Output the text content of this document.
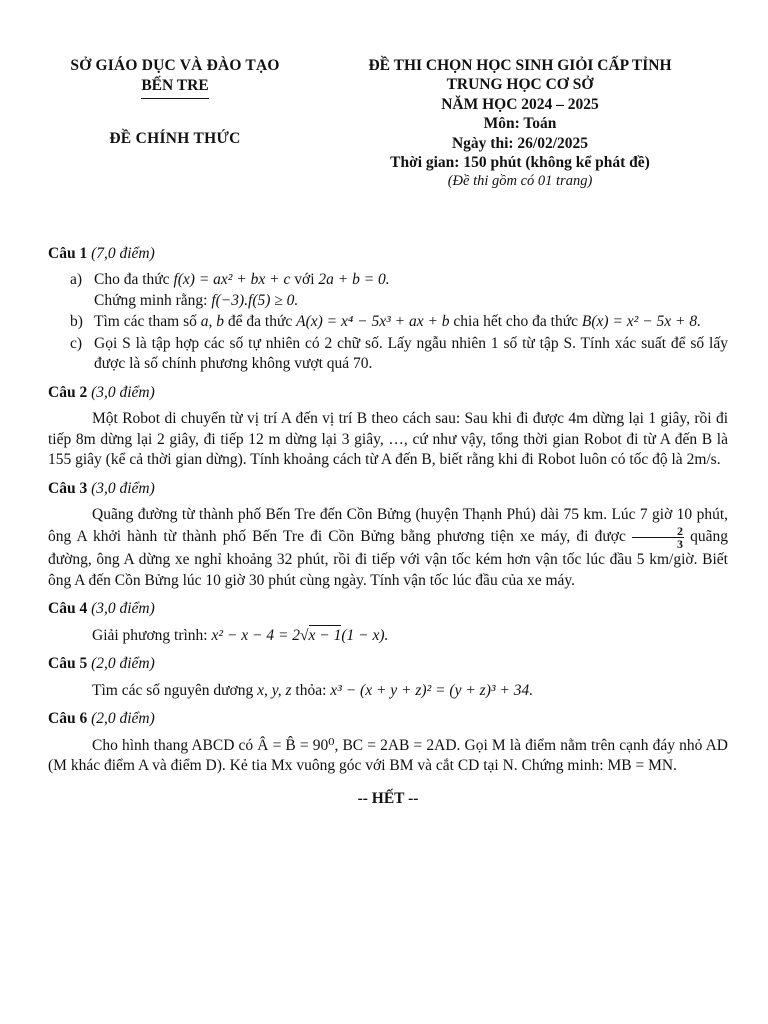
SỞ GIÁO DỤC VÀ ĐÀO TẠO
BẾN TRE
ĐỀ CHÍNH THỨC
ĐỀ THI CHỌN HỌC SINH GIỎI CẤP TỈNH
TRUNG HỌC CƠ SỞ
NĂM HỌC 2024 – 2025
Môn: Toán
Ngày thi: 26/02/2025
Thời gian: 150 phút (không kể phát đề)
(Đề thi gồm có 01 trang)
Câu 1 (7,0 điểm)
a) Cho đa thức f(x) = ax² + bx + c với 2a + b = 0.
Chứng minh rằng: f(−3).f(5) ≥ 0.
b) Tìm các tham số a, b để đa thức A(x) = x⁴ − 5x³ + ax + b chia hết cho đa thức B(x) = x² − 5x + 8.
c) Gọi S là tập hợp các số tự nhiên có 2 chữ số. Lấy ngẫu nhiên 1 số từ tập S. Tính xác suất để số lấy được là số chính phương không vượt quá 70.
Câu 2 (3,0 điểm)

Một Robot di chuyển từ vị trí A đến vị trí B theo cách sau: Sau khi đi được 4m dừng lại 1 giây, rồi đi tiếp 8m dừng lại 2 giây, đi tiếp 12 m dừng lại 3 giây, …, cứ như vậy, tổng thời gian Robot đi từ A đến B là 155 giây (kể cả thời gian dừng). Tính khoảng cách từ A đến B, biết rằng khi đi Robot luôn có tốc độ là 2m/s.

Câu 3 (3,0 điểm)

Quãng đường từ thành phố Bến Tre đến Cồn Bửng (huyện Thạnh Phú) dài 75 km. Lúc 7 giờ 10 phút, ông A khởi hành từ thành phố Bến Tre đi Cồn Bửng bằng phương tiện xe máy, đi được $\frac{2}{3}$ quãng đường, ông A dừng xe nghỉ khoảng 32 phút, rồi đi tiếp với vận tốc kém hơn vận tốc lúc đầu 5 km/giờ. Biết ông A đến Cồn Bửng lúc 10 giờ 30 phút cùng ngày. Tính vận tốc lúc đầu của xe máy.

Câu 4 (3,0 điểm)
Giải phương trình: x² − x − 4 = 2√x − 1(1 − x).
Câu 5 (2,0 điểm)
Tìm các số nguyên dương x, y, z thỏa: x³ − (x + y + z)² = (y + z)³ + 34.
Câu 6 (2,0 điểm)

Cho hình thang ABCD có Â = B̂ = 90⁰, BC = 2AB = 2AD. Gọi M là điểm nằm trên cạnh đáy nhỏ AD (M khác điểm A và điểm D). Kẻ tia Mx vuông góc với BM và cắt CD tại N. Chứng minh: MB = MN.

-- HẾT --
